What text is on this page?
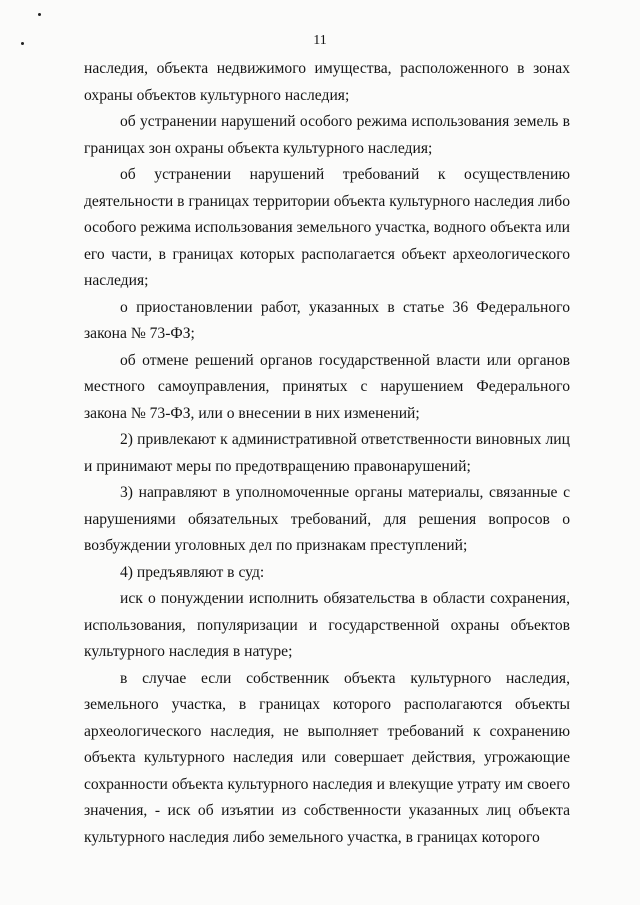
11

наследия, объекта недвижимого имущества, расположенного в зонах охраны объектов культурного наследия;

об устранении нарушений особого режима использования земель в границах зон охраны объекта культурного наследия;

об устранении нарушений требований к осуществлению деятельности в границах территории объекта культурного наследия либо особого режима использования земельного участка, водного объекта или его части, в границах которых располагается объект археологического наследия;

о приостановлении работ, указанных в статье 36 Федерального закона № 73-ФЗ;

об отмене решений органов государственной власти или органов местного самоуправления, принятых с нарушением Федерального закона № 73-ФЗ, или о внесении в них изменений;

2) привлекают к административной ответственности виновных лиц и принимают меры по предотвращению правонарушений;

3) направляют в уполномоченные органы материалы, связанные с нарушениями обязательных требований, для решения вопросов о возбуждении уголовных дел по признакам преступлений;

4) предъявляют в суд:

иск о понуждении исполнить обязательства в области сохранения, использования, популяризации и государственной охраны объектов культурного наследия в натуре;

в случае если собственник объекта культурного наследия, земельного участка, в границах которого располагаются объекты археологического наследия, не выполняет требований к сохранению объекта культурного наследия или совершает действия, угрожающие сохранности объекта культурного наследия и влекущие утрату им своего значения, - иск об изъятии из собственности указанных лиц объекта культурного наследия либо земельного участка, в границах которого
